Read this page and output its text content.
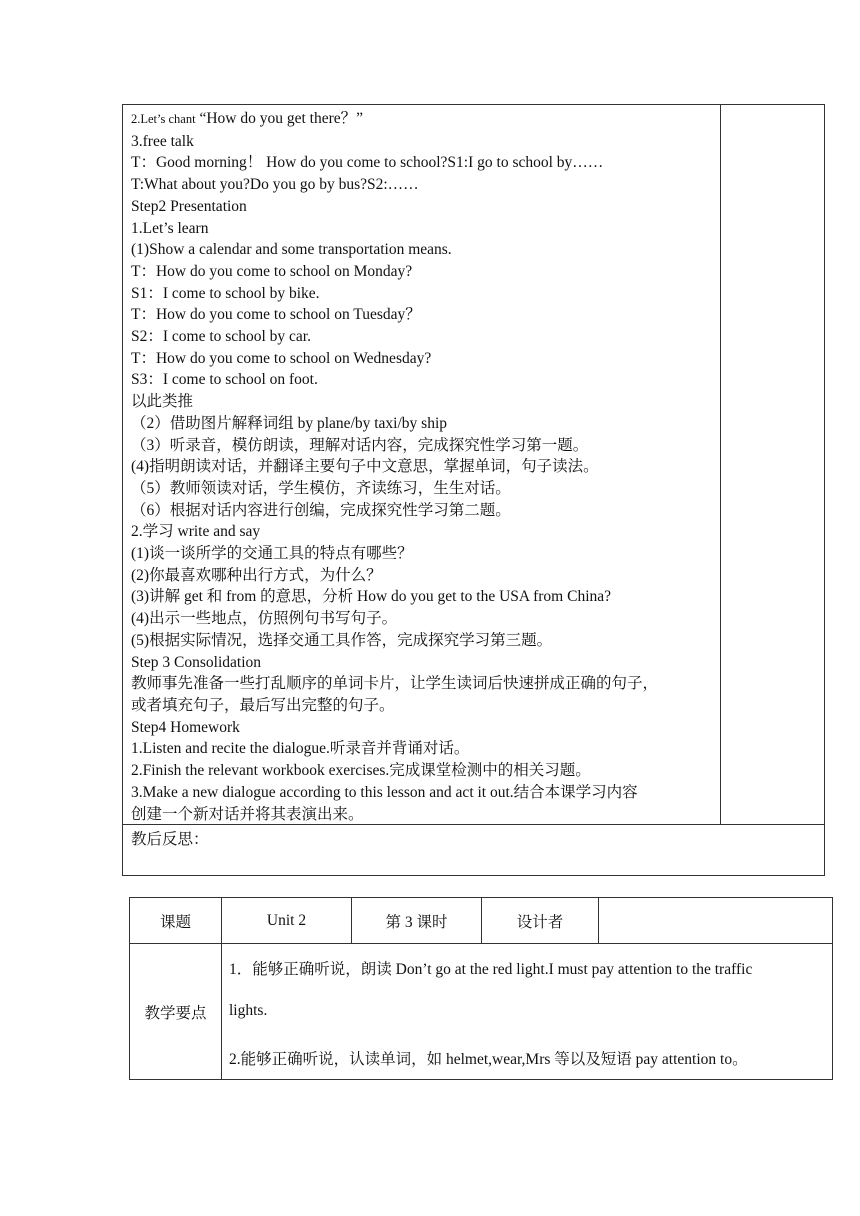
2.Let’s chant “How do you get there？”
3.free talk
T：Good morning！ How do you come to school?S1:I go to school by……
T:What about you?Do you go by bus?S2:……
Step2 Presentation
1.Let’s learn
(1)Show a calendar and some transportation means.
T：How do you come to school on Monday?
S1：I come to school by bike.
T：How do you come to school on Tuesday？
S2：I come to school by car.
T：How do you come to school on Wednesday?
S3：I come to school on foot.
以此类推
（2）借助图片解释词组 by plane/by taxi/by ship
（3）听录音，模仿朗读，理解对话内容，完成探究性学习第一题。
(4)指明朗读对话，并翻译主要句子中文意思，掌握单词，句子读法。
（5）教师领读对话，学生模仿，齐读练习，生生对话。
（6）根据对话内容进行创编，完成探究性学习第二题。
2.学习 write and say
(1)谈一谈所学的交通工具的特点有哪些？
(2)你最喜欢哪种出行方式，为什么？
(3)讲解 get 和 from 的意思，分析 How do you get to the USA from China?
(4)出示一些地点，仿照例句书写句子。
(5)根据实际情况，选择交通工具作答，完成探究学习第三题。
Step 3 Consolidation
教师事先准备一些打乱顺序的单词卡片，让学生读词后快速拼成正确的句子，
或者填充句子，最后写出完整的句子。
Step4 Homework
1.Listen and recite the dialogue.听录音并背诵对话。
2.Finish the relevant workbook exercises.完成课堂检测中的相关习题。
3.Make a new dialogue according to this lesson and act it out.结合本课学习内容
创建一个新对话并将其表演出来。
教后反思：
课题	Unit 2	第 3 课时	设计者
教学要点
1．能够正确听说，朗读 Don’t go at the red light.I must pay attention to the traffic
lights.
2.能够正确听说，认读单词，如 helmet,wear,Mrs 等以及短语 pay attention to。
